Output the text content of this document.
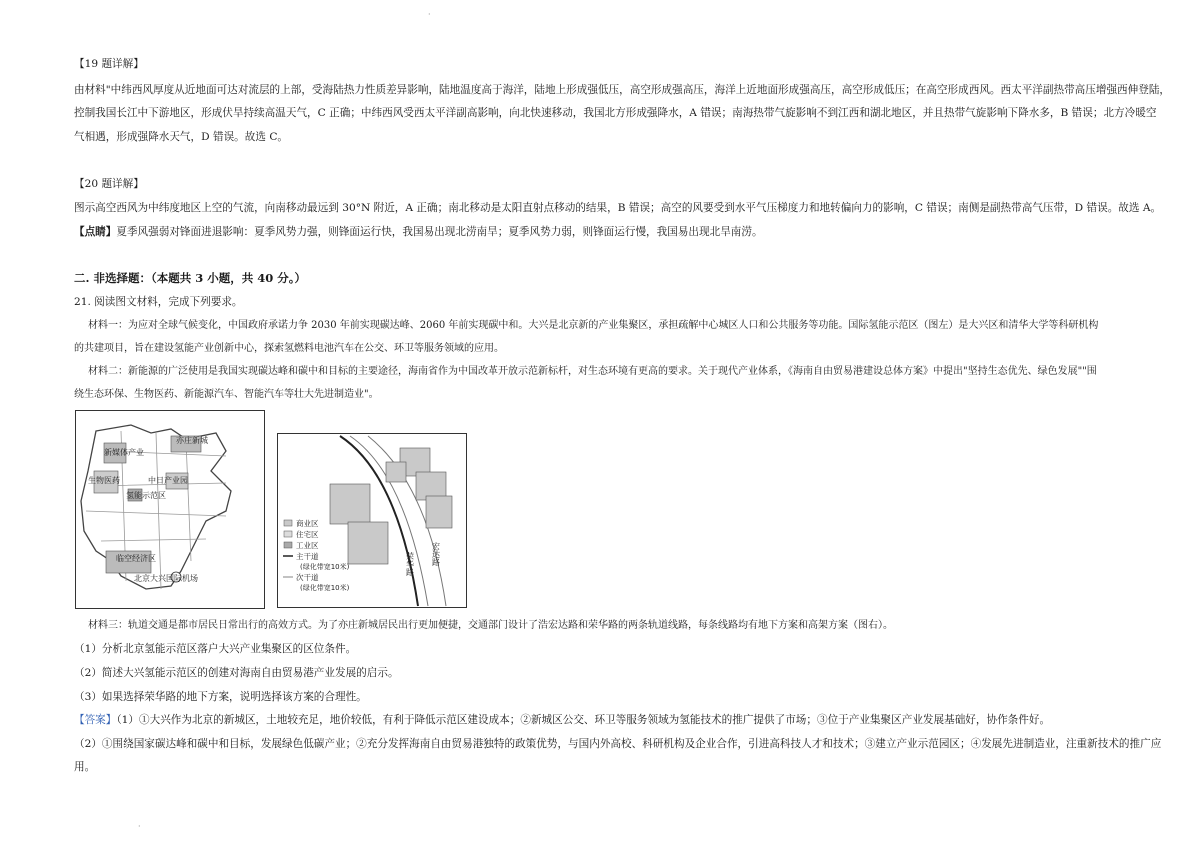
·
【19 题详解】
由材料"中纬西风厚度从近地面可达对流层的上部，受海陆热力性质差异影响，陆地温度高于海洋，陆地上形成强低压，高空形成强高压，海洋上近地面形成强高压，高空形成低压；在高空形成西风。西太平洋副热带高压增强西伸登陆，
控制我国长江中下游地区，形成伏旱持续高温天气，C 正确；中纬西风受西太平洋副高影响，向北快速移动，我国北方形成强降水，A 错误；南海热带气旋影响不到江西和湖北地区，并且热带气旋影响下降水多，B 错误；北方冷暖空
气相遇，形成强降水天气，D 错误。故选 C。
【20 题详解】
图示高空西风为中纬度地区上空的气流，向南移动最远到 30°N 附近，A 正确；南北移动是太阳直射点移动的结果，B 错误；高空的风要受到水平气压梯度力和地转偏向力的影响，C 错误；南侧是副热带高气压带，D 错误。故选 A。
【点睛】夏季风强弱对锋面进退影响：夏季风势力强，则锋面运行快，我国易出现北涝南旱；夏季风势力弱，则锋面运行慢，我国易出现北旱南涝。
二. 非选择题：（本题共 3 小题，共 40 分。）
21. 阅读图文材料，完成下列要求。
材料一：为应对全球气候变化，中国政府承诺力争 2030 年前实现碳达峰、2060 年前实现碳中和。大兴是北京新的产业集聚区，承担疏解中心城区人口和公共服务等功能。国际氢能示范区（图左）是大兴区和清华大学等科研机构
的共建项目，旨在建设氢能产业创新中心，探索氢燃料电池汽车在公交、环卫等服务领域的应用。
材料二：新能源的广泛使用是我国实现碳达峰和碳中和目标的主要途径，海南省作为中国改革开放示范新标杆，对生态环境有更高的要求。关于现代产业体系，《海南自由贸易港建设总体方案》中提出"坚持生态优先、绿色发展""围
绕生态环保、生物医药、新能源汽车、智能汽车等壮大先进制造业"。
亦庄新城
新媒体产业
生物医药
氢能示范区
中日产业园
临空经济区
北京大兴国际机场
商业区
住宅区
工业区
主干道
(绿化带宽10米)
次干道
(绿化带宽10米)
荣华路 宏达路
材料三：轨道交通是都市居民日常出行的高效方式。为了亦庄新城居民出行更加便捷，交通部门设计了浩宏达路和荣华路的两条轨道线路，每条线路均有地下方案和高架方案（图右）。
（1）分析北京氢能示范区落户大兴产业集聚区的区位条件。
（2）简述大兴氢能示范区的创建对海南自由贸易港产业发展的启示。
（3）如果选择荣华路的地下方案，说明选择该方案的合理性。
【答案】（1）①大兴作为北京的新城区，土地较充足，地价较低，有利于降低示范区建设成本；②新城区公交、环卫等服务领域为氢能技术的推广提供了市场；③位于产业集聚区产业发展基础好，协作条件好。
（2）①围绕国家碳达峰和碳中和目标，发展绿色低碳产业；②充分发挥海南自由贸易港独特的政策优势，与国内外高校、科研机构及企业合作，引进高科技人才和技术；③建立产业示范园区；④发展先进制造业，注重新技术的推广应
用。
·
